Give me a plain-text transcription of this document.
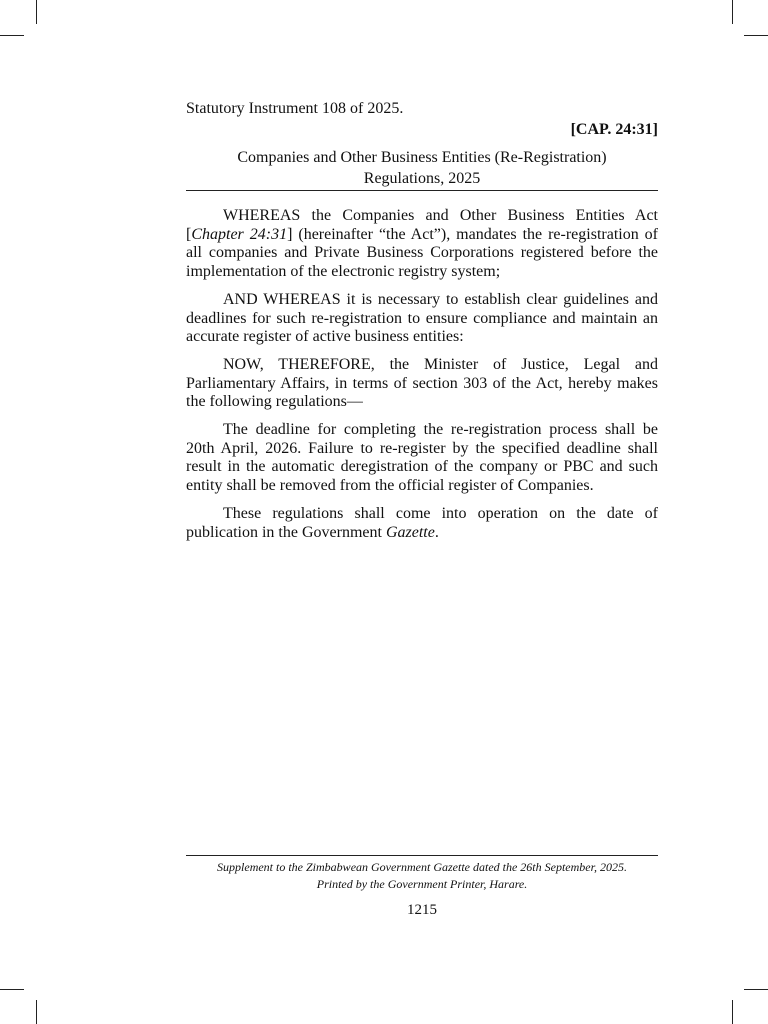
Statutory Instrument 108 of 2025.

[CAP. 24:31]

Companies and Other Business Entities (Re-Registration)
Regulations, 2025

WHEREAS the Companies and Other Business Entities Act [Chapter 24:31] (hereinafter “the Act”), mandates the re-registration of all companies and Private Business Corporations registered before the implementation of the electronic registry system;

AND WHEREAS it is necessary to establish clear guidelines and deadlines for such re-registration to ensure compliance and maintain an accurate register of active business entities:

NOW, THEREFORE, the Minister of Justice, Legal and Parliamentary Affairs, in terms of section 303 of the Act, hereby makes the following regulations—

The deadline for completing the re-registration process shall be 20th April, 2026. Failure to re-register by the specified deadline shall result in the automatic deregistration of the company or PBC and such entity shall be removed from the official register of Companies.

These regulations shall come into operation on the date of publication in the Government Gazette.

Supplement to the Zimbabwean Government Gazette dated the 26th September, 2025.

Printed by the Government Printer, Harare.

1215
